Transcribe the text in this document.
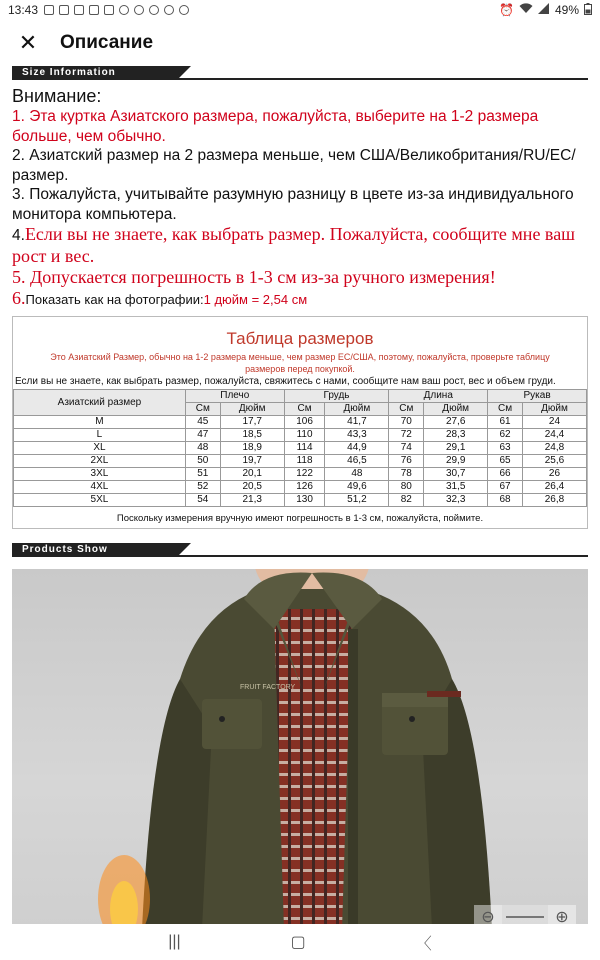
13:43	⏰	49%
✕ Описание
Size Information
Внимание:
1. Эта куртка Азиатского размера, пожалуйста, выберите на 1-2 размера больше, чем обычно.
2. Азиатский размер на 2 размера меньше, чем США/Великобритания/RU/EC/размер.
3. Пожалуйста, учитывайте разумную разницу в цвете из-за индивидуального монитора компьютера.
4.Если вы не знаете, как выбрать размер. Пожалуйста, сообщите мне ваш рост и вес.
5. Допускается погрешность в 1-3 см из-за ручного измерения!
6.Показать как на фотографии:1 дюйм = 2,54 см
Таблица размеров
Это Азиатский Размер, обычно на 1-2 размера меньше, чем размер ЕС/США, поэтому, пожалуйста, проверьте таблицу размеров перед покупкой.
Если вы не знаете, как выбрать размер, пожалуйста, свяжитесь с нами, сообщите нам ваш рост, вес и объем груди.
Азиатский размер	Плечо		Грудь		Длина		Рукав	
	См	Дюйм	См	Дюйм	См	Дюйм	См	Дюйм
M	45	17,7	106	41,7	70	27,6	61	24
L	47	18,5	110	43,3	72	28,3	62	24,4
XL	48	18,9	114	44,9	74	29,1	63	24,8
2XL	50	19,7	118	46,5	76	29,9	65	25,6
3XL	51	20,1	122	48	78	30,7	66	26
4XL	52	20,5	126	49,6	80	31,5	67	26,4
5XL	54	21,3	130	51,2	82	32,3	68	26,8
Поскольку измерения вручную имеют погрешность в 1-3 см, пожалуйста, поймите.
Products Show
FRUIT FACTORY
⊖	⊕
|||	▢	〈
